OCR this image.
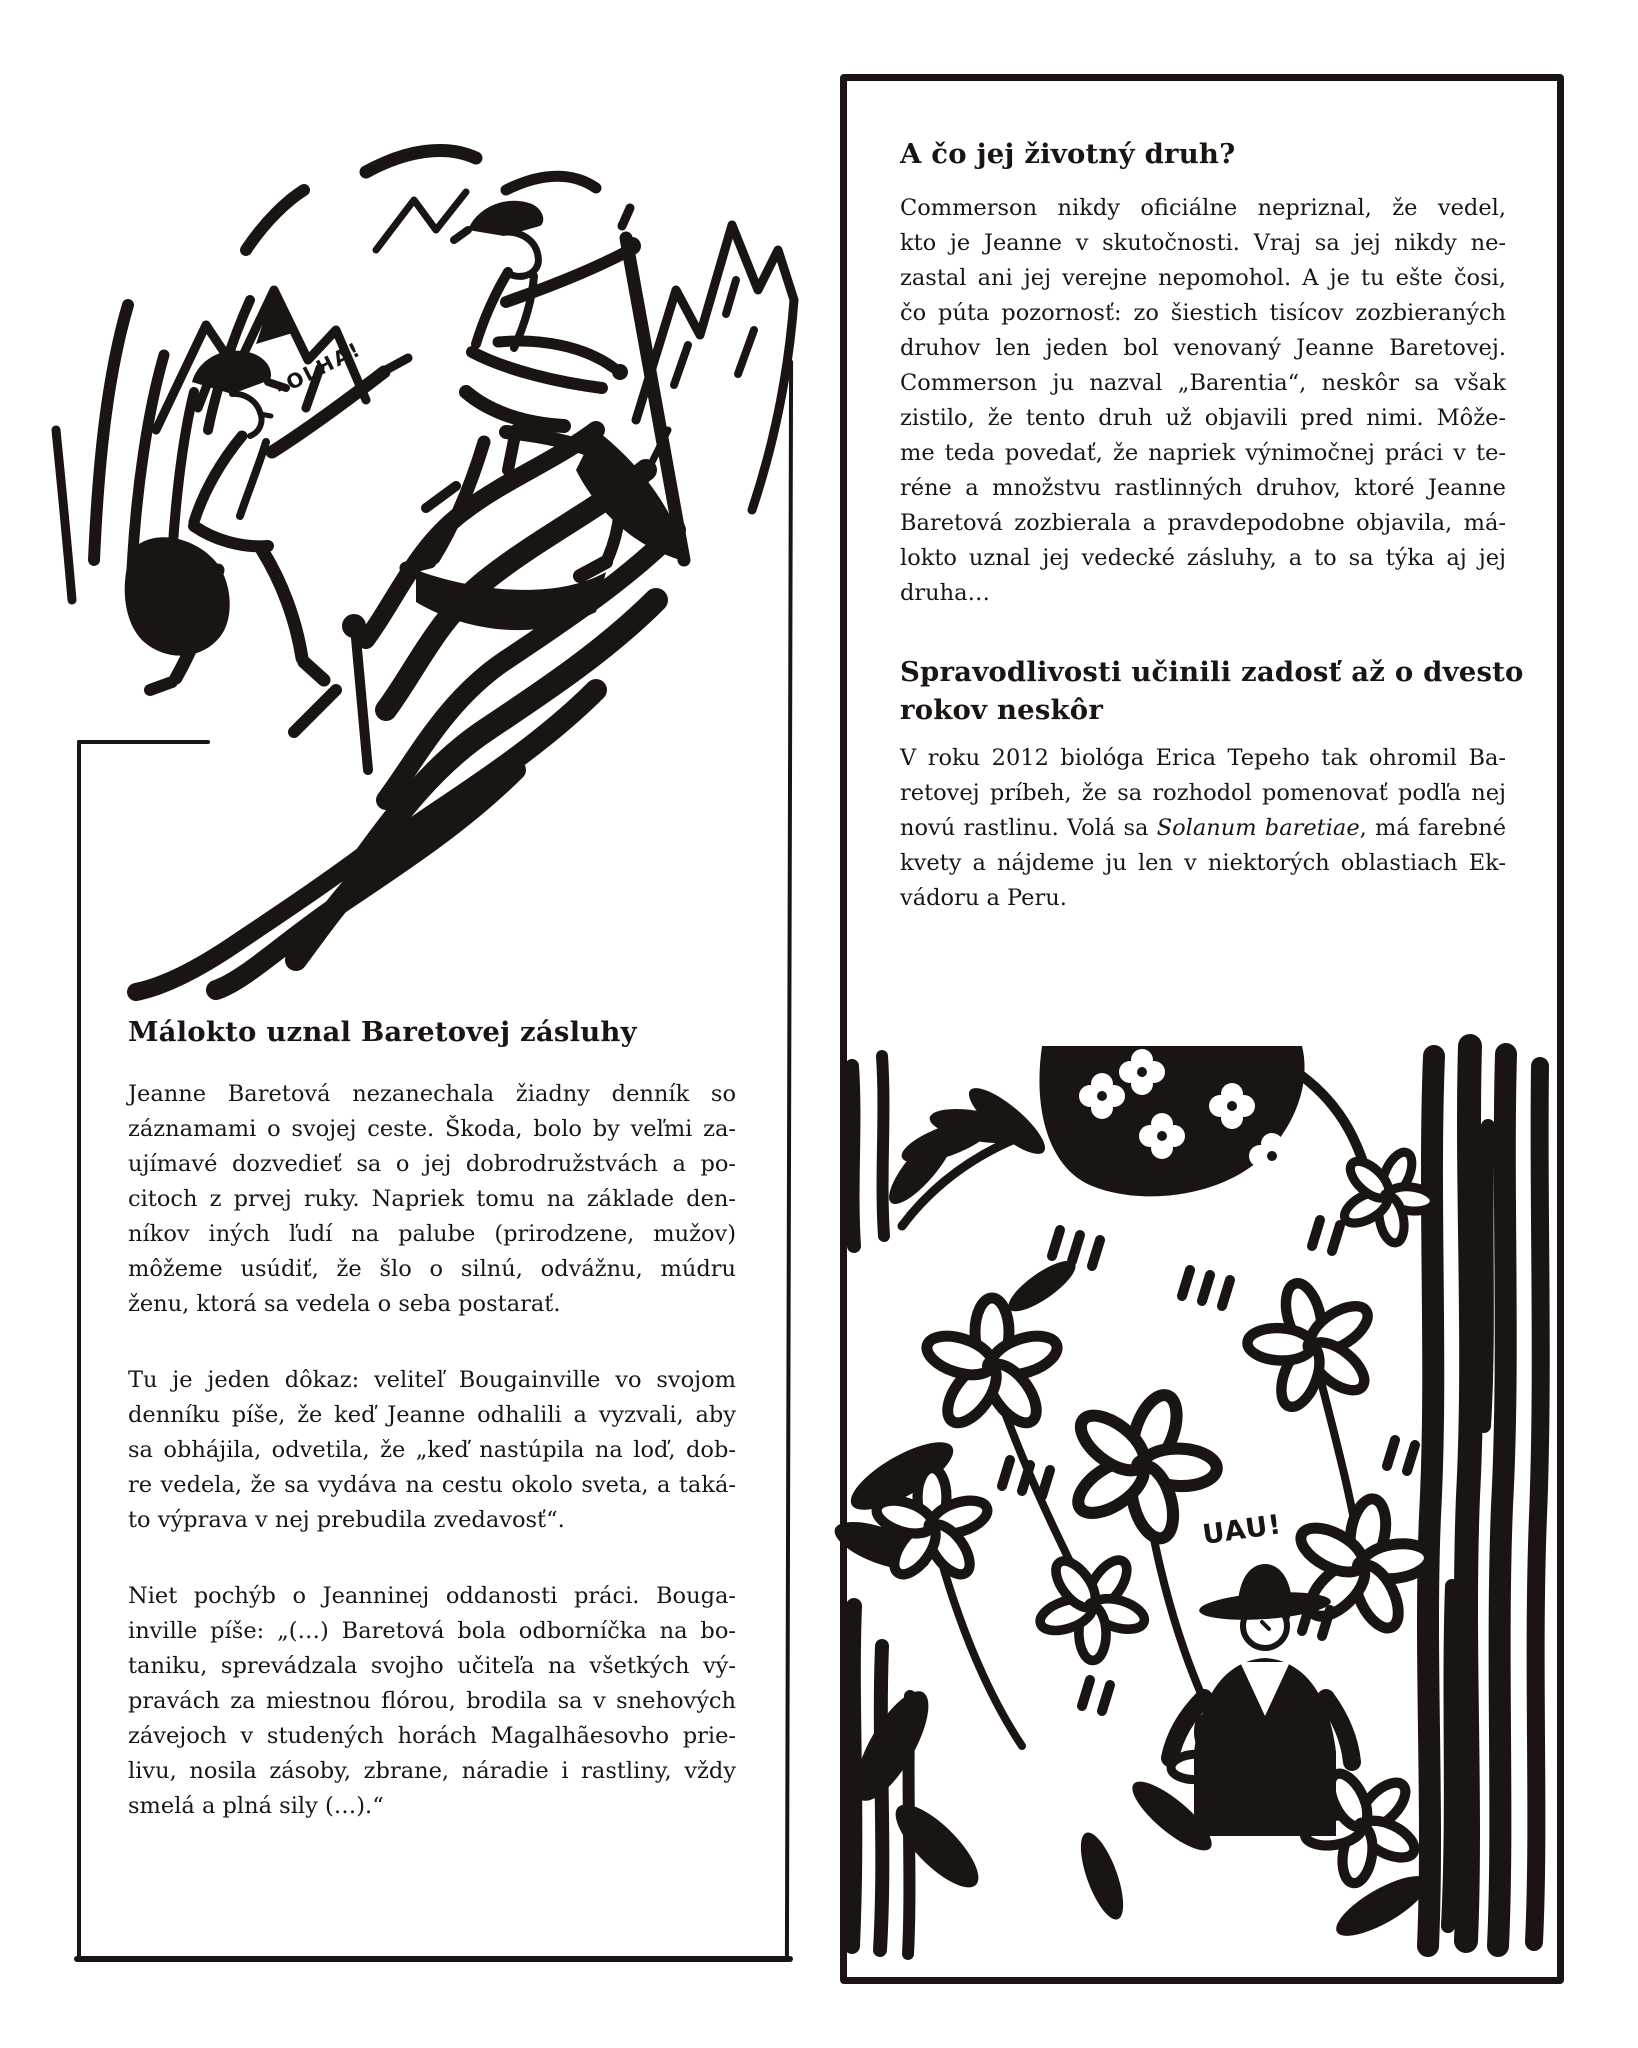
–OLHA!
Málokto uznal Baretovej zásluhy
Jeanne Baretová nezanechala žiadny denník so
záznamami o svojej ceste. Škoda, bolo by veľmi za-
ujímavé dozvedieť sa o jej dobrodružstvách a po-
citoch z prvej ruky. Napriek tomu na základe den-
níkov iných ľudí na palube (prirodzene, mužov)
môžeme usúdiť, že šlo o silnú, odvážnu, múdru
ženu, ktorá sa vedela o seba postarať.
Tu je jeden dôkaz: veliteľ Bougainville vo svojom
denníku píše, že keď Jeanne odhalili a vyzvali, aby
sa obhájila, odvetila, že „keď nastúpila na loď, dob-
re vedela, že sa vydáva na cestu okolo sveta, a taká-
to výprava v nej prebudila zvedavosť“.
Niet pochýb o Jeanninej oddanosti práci. Bouga-
inville píše: „(…) Baretová bola odborníčka na bo-
taniku, sprevádzala svojho učiteľa na všetkých vý-
pravách za miestnou flórou, brodila sa v snehových
závejoch v studených horách Magalhãesovho prie-
livu, nosila zásoby, zbrane, náradie i rastliny, vždy
smelá a plná sily (…).“
A čo jej životný druh?
Commerson nikdy oficiálne nepriznal, že vedel,
kto je Jeanne v skutočnosti. Vraj sa jej nikdy ne-
zastal ani jej verejne nepomohol. A je tu ešte čosi,
čo púta pozornosť: zo šiestich tisícov zozbieraných
druhov len jeden bol venovaný Jeanne Baretovej.
Commerson ju nazval „Barentia“, neskôr sa však
zistilo, že tento druh už objavili pred nimi. Môže-
me teda povedať, že napriek výnimočnej práci v te-
réne a množstvu rastlinných druhov, ktoré Jeanne
Baretová zozbierala a pravdepodobne objavila, má-
lokto uznal jej vedecké zásluhy, a to sa týka aj jej
druha…
Spravodlivosti učinili zadosť až o dvesto
rokov neskôr
V roku 2012 biológa Erica Tepeho tak ohromil Ba-
retovej príbeh, že sa rozhodol pomenovať podľa nej
novú rastlinu. Volá sa Solanum baretiae, má farebné
kvety a nájdeme ju len v niektorých oblastiach Ek-
vádoru a Peru.
UAU!
